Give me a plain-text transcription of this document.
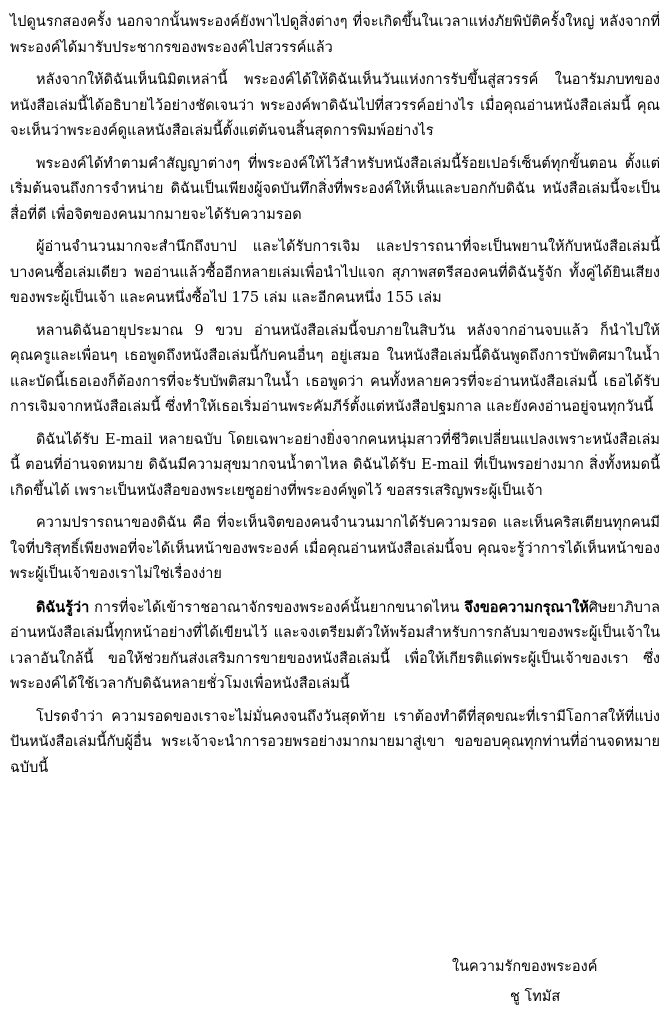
ไปดูนรกสองครั้ง นอกจากนั้นพระองค์ยังพาไปดูสิ่งต่างๆ ที่จะเกิดขึ้นในเวลาแห่งภัยพิบัติครั้งใหญ่ หลังจากที่พระองค์ได้มารับประชากรของพระองค์ไปสวรรค์แล้ว

หลังจากให้ดิฉันเห็นนิมิตเหล่านี้ พระองค์ได้ให้ดิฉันเห็นวันแห่งการรับขึ้นสู่สวรรค์ ในอารัมภบทของหนังสือเล่มนี้ได้อธิบายไว้อย่างชัดเจนว่า พระองค์พาดิฉันไปที่สวรรค์อย่างไร เมื่อคุณอ่านหนังสือเล่มนี้ คุณจะเห็นว่าพระองค์ดูแลหนังสือเล่มนี้ตั้งแต่ต้นจนสิ้นสุดการพิมพ์อย่างไร

พระองค์ได้ทำตามคำสัญญาต่างๆ ที่พระองค์ให้ไว้สำหรับหนังสือเล่มนี้ร้อยเปอร์เซ็นต์ทุกขั้นตอน ตั้งแต่เริ่มต้นจนถึงการจำหน่าย ดิฉันเป็นเพียงผู้จดบันทึกสิ่งที่พระองค์ให้เห็นและบอกกับดิฉัน หนังสือเล่มนี้จะเป็นสื่อที่ดี เพื่อจิตของคนมากมายจะได้รับความรอด

ผู้อ่านจำนวนมากจะสำนึกถึงบาป และได้รับการเจิม และปรารถนาที่จะเป็นพยานให้กับหนังสือเล่มนี้ บางคนซื้อเล่มเดียว พออ่านแล้วซื้ออีกหลายเล่มเพื่อนำไปแจก สุภาพสตรีสองคนที่ดิฉันรู้จัก ทั้งคู่ได้ยินเสียงของพระผู้เป็นเจ้า และคนหนึ่งซื้อไป 175 เล่ม และอีกคนหนึ่ง 155 เล่ม

หลานดิฉันอายุประมาณ 9 ขวบ อ่านหนังสือเล่มนี้จบภายในสิบวัน หลังจากอ่านจบแล้ว ก็นำไปให้คุณครูและเพื่อนๆ เธอพูดถึงหนังสือเล่มนี้กับคนอื่นๆ อยู่เสมอ ในหนังสือเล่มนี้ดิฉันพูดถึงการบัพติศมาในน้ำ และบัดนี้เธอเองก็ต้องการที่จะรับบัพติสมาในน้ำ เธอพูดว่า คนทั้งหลายควรที่จะอ่านหนังสือเล่มนี้ เธอได้รับการเจิมจากหนังสือเล่มนี้ ซึ่งทำให้เธอเริ่มอ่านพระคัมภีร์ตั้งแต่หนังสือปฐมกาล และยังคงอ่านอยู่จนทุกวันนี้

ดิฉันได้รับ E-mail หลายฉบับ โดยเฉพาะอย่างยิ่งจากคนหนุ่มสาวที่ชีวิตเปลี่ยนแปลงเพราะหนังสือเล่มนี้ ตอนที่อ่านจดหมาย ดิฉันมีความสุขมากจนน้ำตาไหล ดิฉันได้รับ E-mail ที่เป็นพรอย่างมาก สิ่งทั้งหมดนี้เกิดขึ้นได้ เพราะเป็นหนังสือของพระเยซูอย่างที่พระองค์พูดไว้ ขอสรรเสริญพระผู้เป็นเจ้า

ความปรารถนาของดิฉัน คือ ที่จะเห็นจิตของคนจำนวนมากได้รับความรอด และเห็นคริสเตียนทุกคนมีใจที่บริสุทธิ์เพียงพอที่จะได้เห็นหน้าของพระองค์ เมื่อคุณอ่านหนังสือเล่มนี้จบ คุณจะรู้ว่าการได้เห็นหน้าของพระผู้เป็นเจ้าของเราไม่ใช่เรื่องง่าย

ดิฉันรู้ว่า การที่จะได้เข้าราชอาณาจักรของพระองค์นั้นยากขนาดไหน จึงขอความกรุณาให้ศิษยาภิบาลอ่านหนังสือเล่มนี้ทุกหน้าอย่างที่ได้เขียนไว้ และจงเตรียมตัวให้พร้อมสำหรับการกลับมาของพระผู้เป็นเจ้าในเวลาอันใกล้นี้ ขอให้ช่วยกันส่งเสริมการขายของหนังสือเล่มนี้ เพื่อให้เกียรติแด่พระผู้เป็นเจ้าของเรา ซึ่งพระองค์ได้ใช้เวลากับดิฉันหลายชั่วโมงเพื่อหนังสือเล่มนี้

โปรดจำว่า ความรอดของเราจะไม่มั่นคงจนถึงวันสุดท้าย เราต้องทำดีที่สุดขณะที่เรามีโอกาสให้ที่แบ่งปันหนังสือเล่มนี้กับผู้อื่น พระเจ้าจะนำการอวยพรอย่างมากมายมาสู่เขา ขอขอบคุณทุกท่านที่อ่านจดหมายฉบับนี้

ในความรักของพระองค์
ชู โทมัส
